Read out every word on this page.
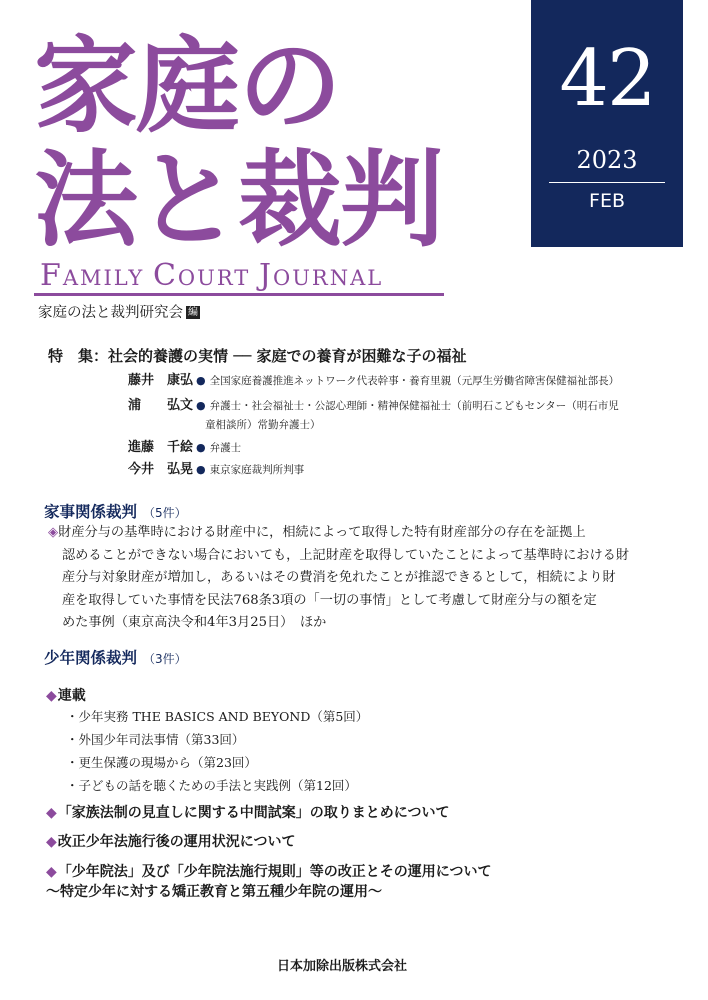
家庭の
法と裁判
42
2023
FEB
FAMILY COURT JOURNAL
家庭の法と裁判研究会 編
特　集：社会的養護の実情 ── 家庭での養育が困難な子の福祉
藤井　康弘 ● 全国家庭養護推進ネットワーク代表幹事・養育里親（元厚生労働省障害保健福祉部長）
浦　　弘文 ● 弁護士・社会福祉士・公認心理師・精神保健福祉士（前明石こどもセンター（明石市児
童相談所）常勤弁護士）
進藤　千絵 ● 弁護士
今井　弘晃 ● 東京家庭裁判所判事
家事関係裁判 （5件）
◈財産分与の基準時における財産中に，相続によって取得した特有財産部分の存在を証拠上
認めることができない場合においても，上記財産を取得していたことによって基準時における財
産分与対象財産が増加し，あるいはその費消を免れたことが推認できるとして，相続により財
産を取得していた事情を民法768条3項の「一切の事情」として考慮して財産分与の額を定
めた事例（東京高決令和4年3月25日）　ほか
少年関係裁判 （3件）
◆連載
・少年実務 THE BASICS AND BEYOND（第5回）
・外国少年司法事情（第33回）
・更生保護の現場から（第23回）
・子どもの話を聴くための手法と実践例（第12回）
◆「家族法制の見直しに関する中間試案」の取りまとめについて
◆改正少年法施行後の運用状況について
◆「少年院法」及び「少年院法施行規則」等の改正とその運用について
〜特定少年に対する矯正教育と第五種少年院の運用〜
日本加除出版株式会社
